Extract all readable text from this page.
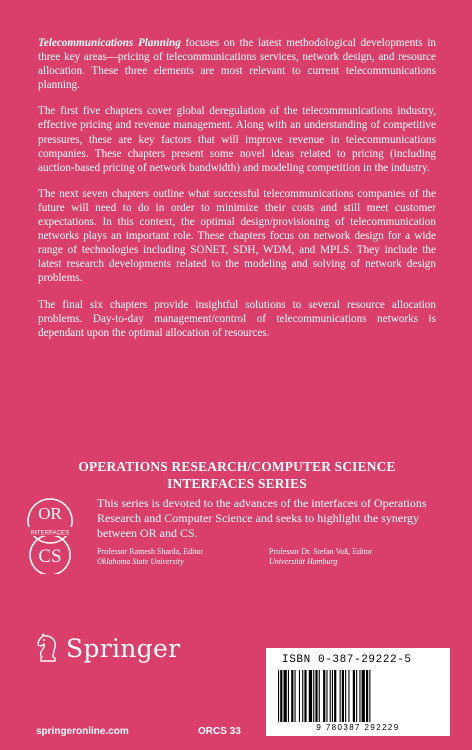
Telecommunications Planning focuses on the latest methodological developments in three key areas—pricing of telecommunications services, network design, and resource allocation. These three elements are most relevant to current telecommunications planning.

The first five chapters cover global deregulation of the telecommunications industry, effective pricing and revenue management. Along with an understanding of competitive pressures, these are key factors that will improve revenue in telecommunications companies. These chapters present some novel ideas related to pricing (including auction-based pricing of network bandwidth) and modeling competition in the industry.

The next seven chapters outline what successful telecommunications companies of the future will need to do in order to minimize their costs and still meet customer expectations. In this context, the optimal design/provisioning of telecommunication networks plays an important role. These chapters focus on network design for a wide range of technologies including SONET, SDH, WDM, and MPLS. They include the latest research developments related to the modeling and solving of network design problems.

The final six chapters provide insightful solutions to several resource allocation problems. Day-to-day management/control of telecommunications networks is dependant upon the optimal allocation of resources.

OPERATIONS RESEARCH/COMPUTER SCIENCE
INTERFACES SERIES
OR
INTERFACES
CS
This series is devoted to the advances of the interfaces of Operations Research and Computer Science and seeks to highlight the synergy between OR and CS.
Professor Ramesh Sharda, Editor
Oklahoma State University
Professor Dr. Stefan Voß, Editor
Universität Hamburg
Springer	ISBN 0-387-29222-5
9 780387 292229
springeronline.com	ORCS 33
